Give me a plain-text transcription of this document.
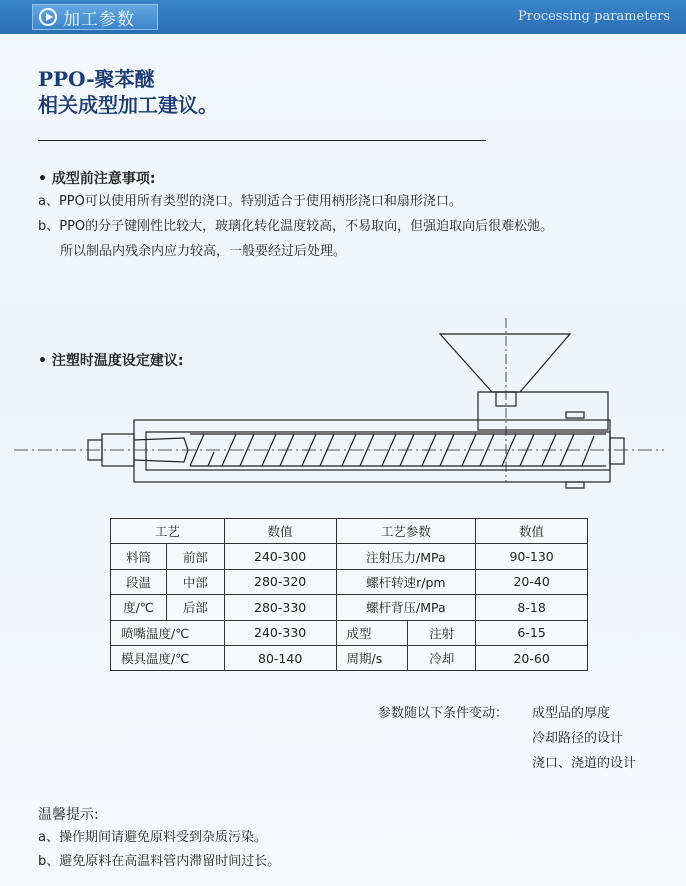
加工参数	Processing parameters
PPO-聚苯醚
相关成型加工建议。
• 成型前注意事项:
a、PPO可以使用所有类型的浇口。特别适合于使用柄形浇口和扇形浇口。
b、PPO的分子键刚性比较大，玻璃化转化温度较高，不易取向，但强迫取向后很难松弛。
所以制品内残余内应力较高，一般要经过后处理。
• 注塑时温度设定建议:
工艺		数值	工艺参数		数值
料筒	前部	240-300	注射压力/MPa		90-130
段温	中部	280-320	螺杆转速r/pm		20-40
度/℃	后部	280-330	螺杆背压/MPa		8-18
喷嘴温度/℃		240-330	成型	注射	6-15
模具温度/℃		80-140	周期/s	冷却	20-60
参数随以下条件变动： 成型品的厚度
冷却路径的设计
浇口、浇道的设计
温馨提示:
a、操作期间请避免原料受到杂质污染。
b、避免原料在高温料管内滞留时间过长。
